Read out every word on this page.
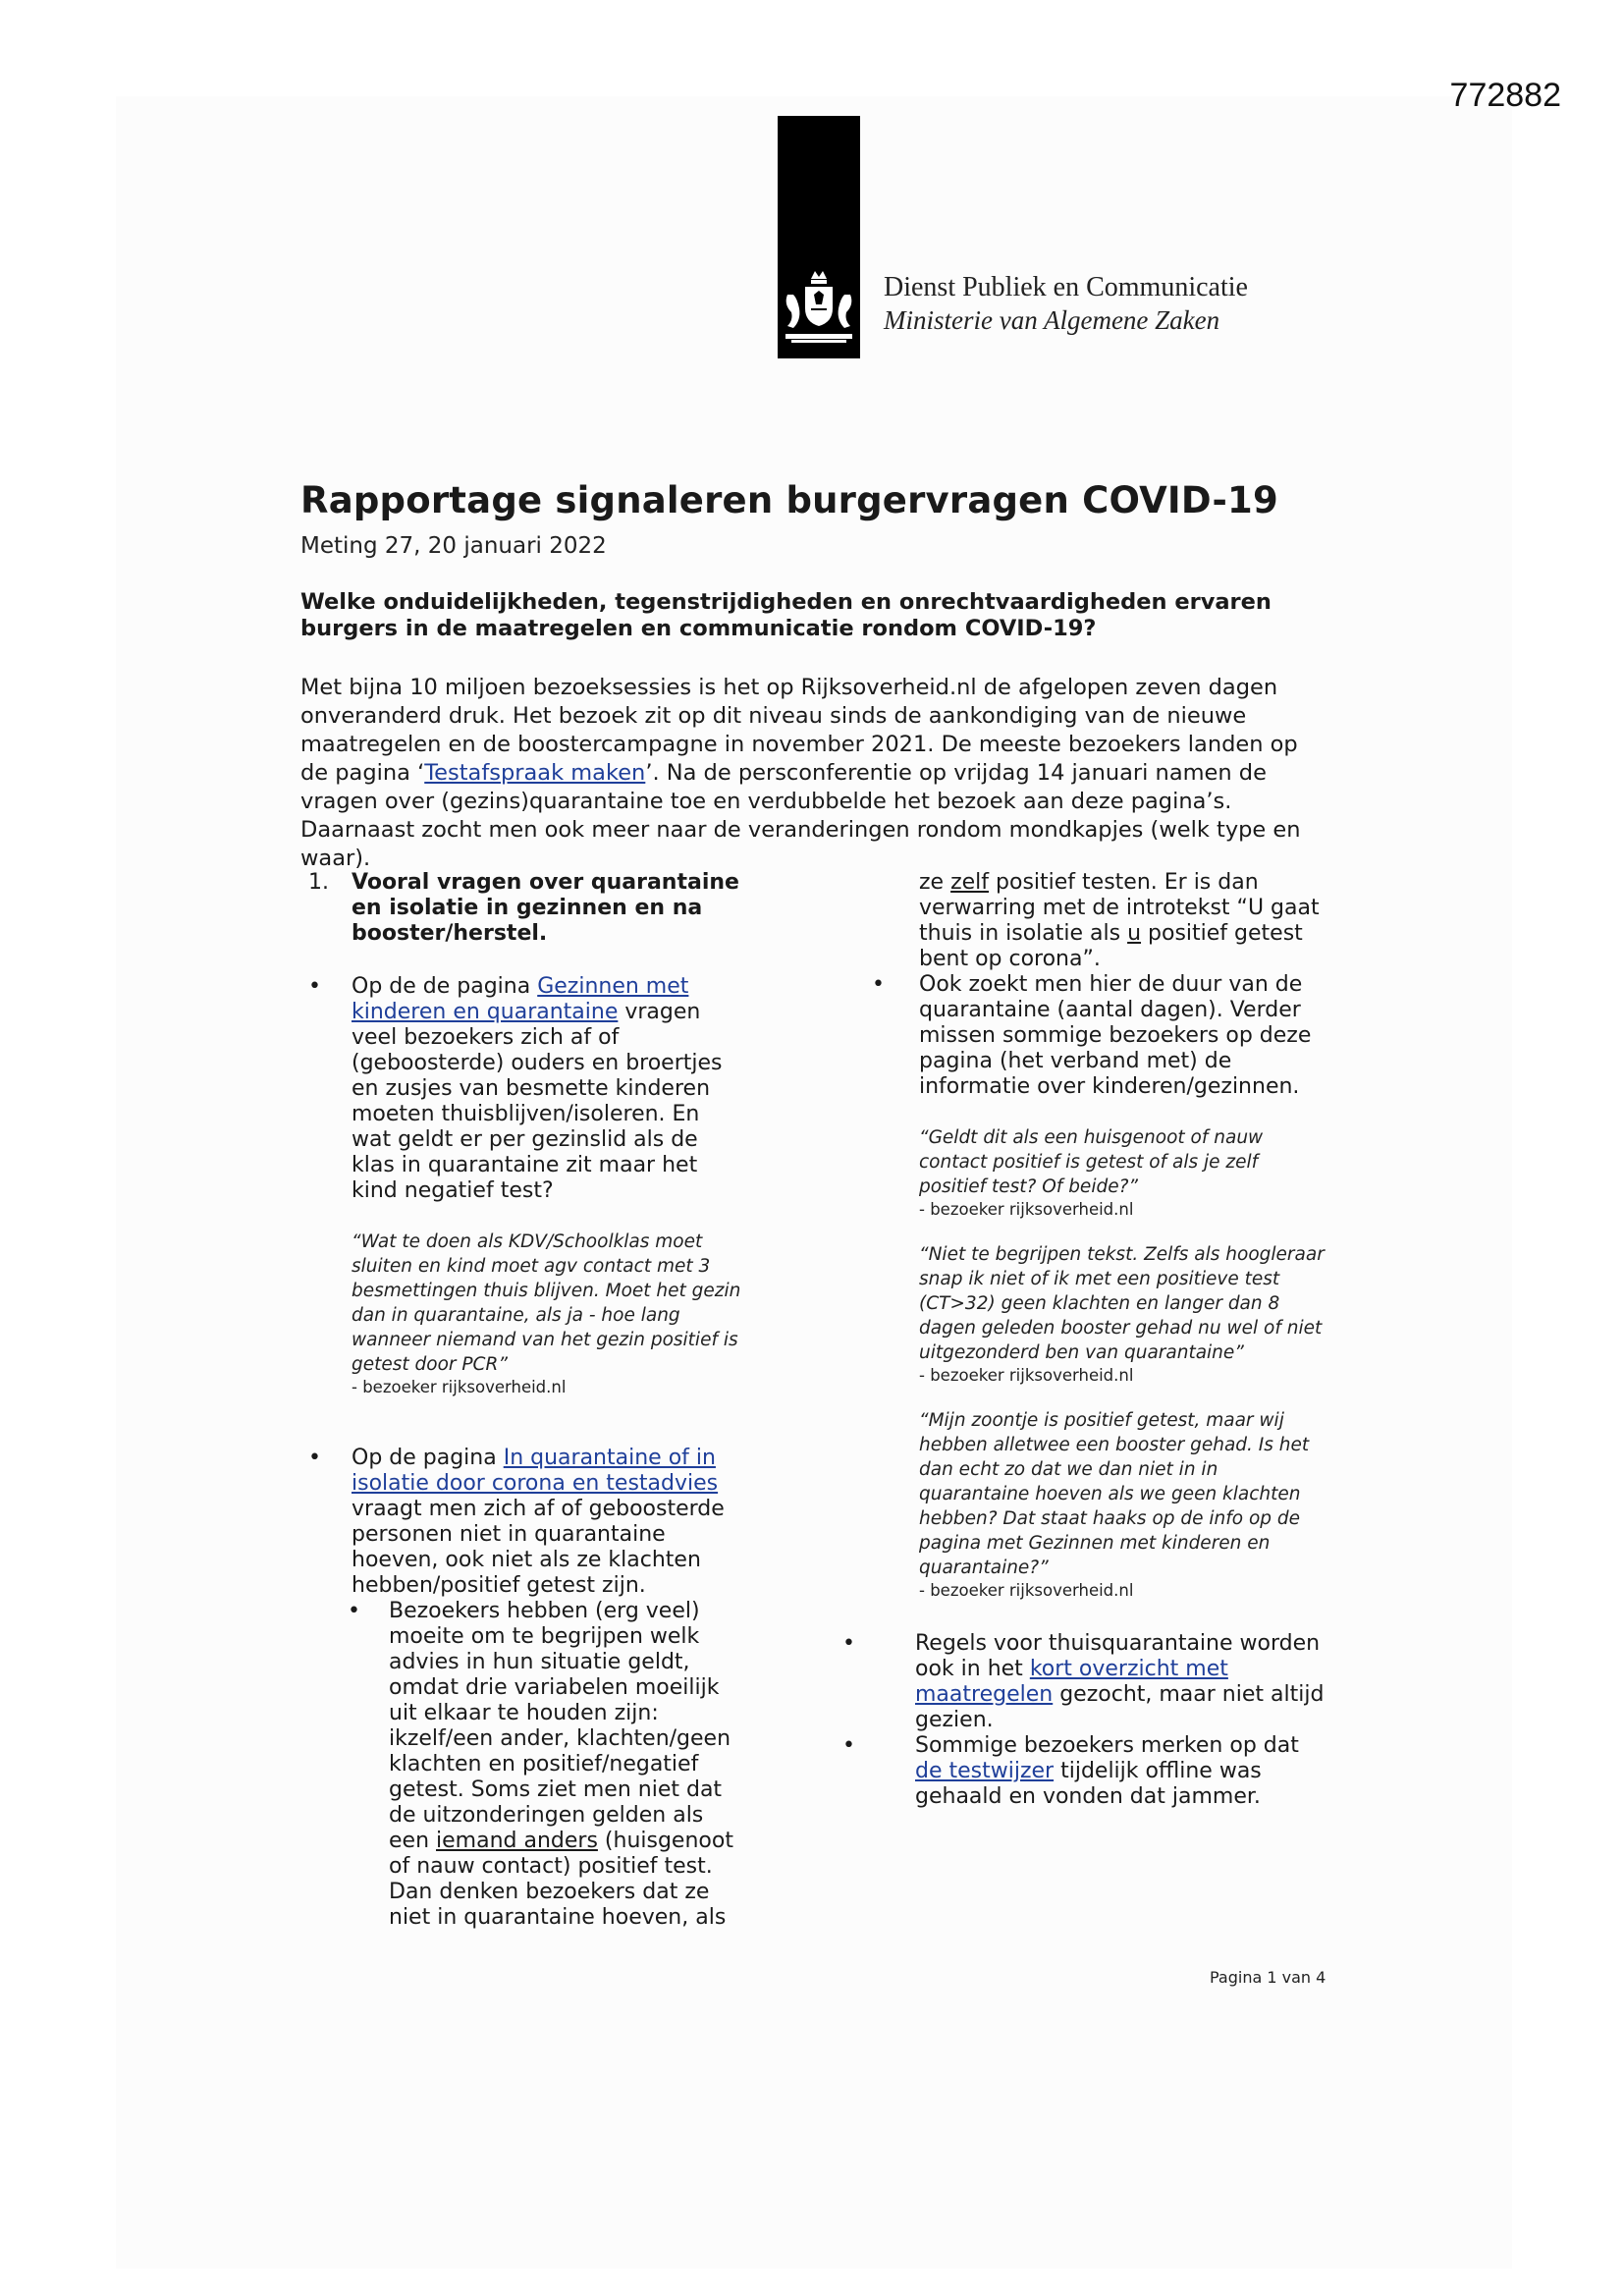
772882
Dienst Publiek en Communicatie
Ministerie van Algemene Zaken
Rapportage signaleren burgervragen COVID-19
Meting 27, 20 januari 2022
Welke onduidelijkheden, tegenstrijdigheden en onrechtvaardigheden ervaren burgers in de maatregelen en communicatie rondom COVID-19?
Met bijna 10 miljoen bezoeksessies is het op Rijksoverheid.nl de afgelopen zeven dagen onveranderd druk. Het bezoek zit op dit niveau sinds de aankondiging van de nieuwe maatregelen en de boostercampagne in november 2021. De meeste bezoekers landen op de pagina ‘Testafspraak maken’. Na de persconferentie op vrijdag 14 januari namen de vragen over (gezins)quarantaine toe en verdubbelde het bezoek aan deze pagina’s. Daarnaast zocht men ook meer naar de veranderingen rondom mondkapjes (welk type en waar).
1. Vooral vragen over quarantaine en isolatie in gezinnen en na booster/herstel.
• Op de de pagina Gezinnen met kinderen en quarantaine vragen veel bezoekers zich af of (geboosterde) ouders en broertjes en zusjes van besmette kinderen moeten thuisblijven/isoleren. En wat geldt er per gezinslid als de klas in quarantaine zit maar het kind negatief test?
“Wat te doen als KDV/Schoolklas moet sluiten en kind moet agv contact met 3 besmettingen thuis blijven. Moet het gezin dan in quarantaine, als ja - hoe lang wanneer niemand van het gezin positief is getest door PCR”
- bezoeker rijksoverheid.nl
• Op de pagina In quarantaine of in isolatie door corona en testadvies vraagt men zich af of geboosterde personen niet in quarantaine hoeven, ook niet als ze klachten hebben/positief getest zijn.
• Bezoekers hebben (erg veel) moeite om te begrijpen welk advies in hun situatie geldt, omdat drie variabelen moeilijk uit elkaar te houden zijn: ikzelf/een ander, klachten/geen klachten en positief/negatief getest. Soms ziet men niet dat de uitzonderingen gelden als een iemand anders (huisgenoot of nauw contact) positief test. Dan denken bezoekers dat ze niet in quarantaine hoeven, als
ze zelf positief testen. Er is dan verwarring met de introtekst “U gaat thuis in isolatie als u positief getest bent op corona”.
• Ook zoekt men hier de duur van de quarantaine (aantal dagen). Verder missen sommige bezoekers op deze pagina (het verband met) de informatie over kinderen/gezinnen.
“Geldt dit als een huisgenoot of nauw contact positief is getest of als je zelf positief test? Of beide?”
- bezoeker rijksoverheid.nl
“Niet te begrijpen tekst. Zelfs als hoogleraar snap ik niet of ik met een positieve test (CT>32) geen klachten en langer dan 8 dagen geleden booster gehad nu wel of niet uitgezonderd ben van quarantaine”
- bezoeker rijksoverheid.nl
“Mijn zoontje is positief getest, maar wij hebben alletwee een booster gehad. Is het dan echt zo dat we dan niet in in quarantaine hoeven als we geen klachten hebben? Dat staat haaks op de info op de pagina met Gezinnen met kinderen en quarantaine?”
- bezoeker rijksoverheid.nl
•	Regels voor thuisquarantaine worden ook in het kort overzicht met maatregelen gezocht, maar niet altijd gezien.
•	Sommige bezoekers merken op dat de testwijzer tijdelijk offline was gehaald en vonden dat jammer.
Pagina 1 van 4
